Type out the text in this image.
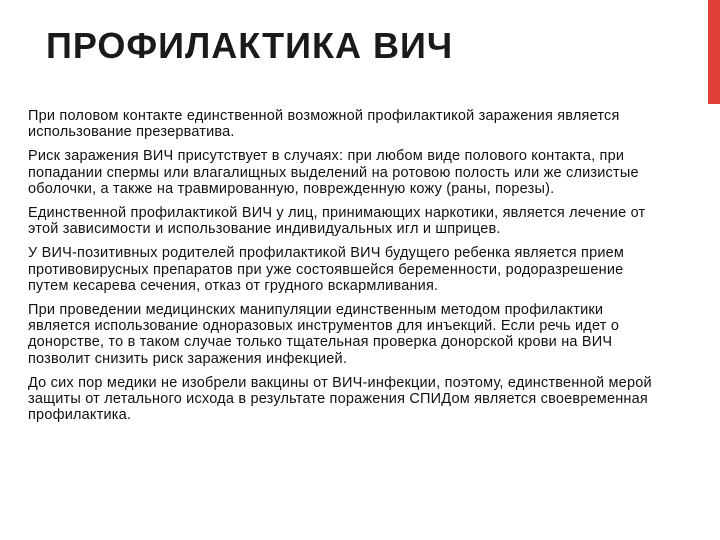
ПРОФИЛАКТИКА ВИЧ

При половом контакте единственной возможной профилактикой заражения является использование презерватива.

Риск заражения ВИЧ присутствует в случаях: при любом виде полового контакта, при попадании спермы или влагалищных выделений на ротовою полость или же слизистые оболочки, а также на травмированную, поврежденную кожу (раны, порезы).

Единственной профилактикой ВИЧ у лиц, принимающих наркотики, является лечение от этой зависимости и использование индивидуальных игл и шприцев.

У ВИЧ-позитивных родителей профилактикой ВИЧ будущего ребенка является прием противовирусных препаратов при уже состоявшейся беременности, родоразрешение путем кесарева сечения, отказ от грудного вскармливания.

При проведении медицинских манипуляции единственным методом профилактики является использование одноразовых инструментов для инъекций. Если речь идет о донорстве, то в таком случае только тщательная проверка донорской крови на ВИЧ позволит снизить риск заражения инфекцией.

До сих пор медики не изобрели вакцины от ВИЧ-инфекции, поэтому, единственной мерой защиты от летального исхода в результате поражения СПИДом является своевременная профилактика.
